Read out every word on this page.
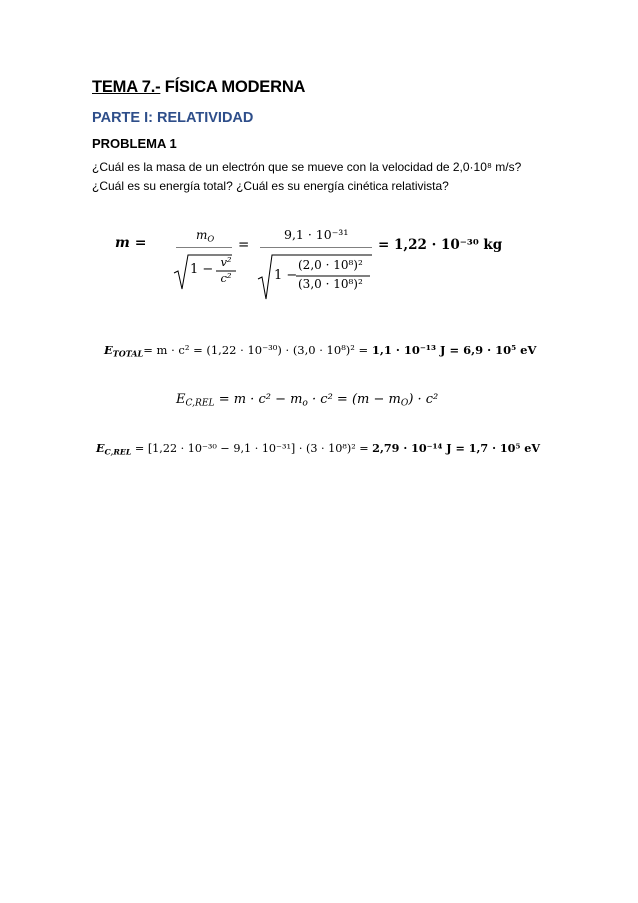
TEMA 7.- FÍSICA MODERNA
PARTE I: RELATIVIDAD
PROBLEMA 1
¿Cuál es la masa de un electrón que se mueve con la velocidad de 2,0·10⁸ m/s? ¿Cuál es su energía total? ¿Cuál es su energía cinética relativista?
m =	$m_O$
1 − v²
c²
=
9,1 · 10⁻³¹
1 −
(2,0 · 10⁸)²
(3,0 · 10⁸)²
= 1,22 · 10⁻³⁰ kg
$E_{TOTAL}= m \cdot c^2 = (1,22 \cdot 10^{-30}) \cdot (3,0 \cdot 10^8)^2 = 1,1 \cdot 10^{-13}$ J = 6,9 · 10⁵ eV
$E_{C,REL} = m \cdot c^2 - m_o \cdot c^2 = (m - m_O) \cdot c^2$
$E_{C,REL} = [1,22 \cdot 10^{-30} - 9,1 \cdot 10^{-31}] \cdot (3 \cdot 10^8)^2 = 2,79 \cdot 10^{-14}$ J = 1,7 · 10⁵ eV
